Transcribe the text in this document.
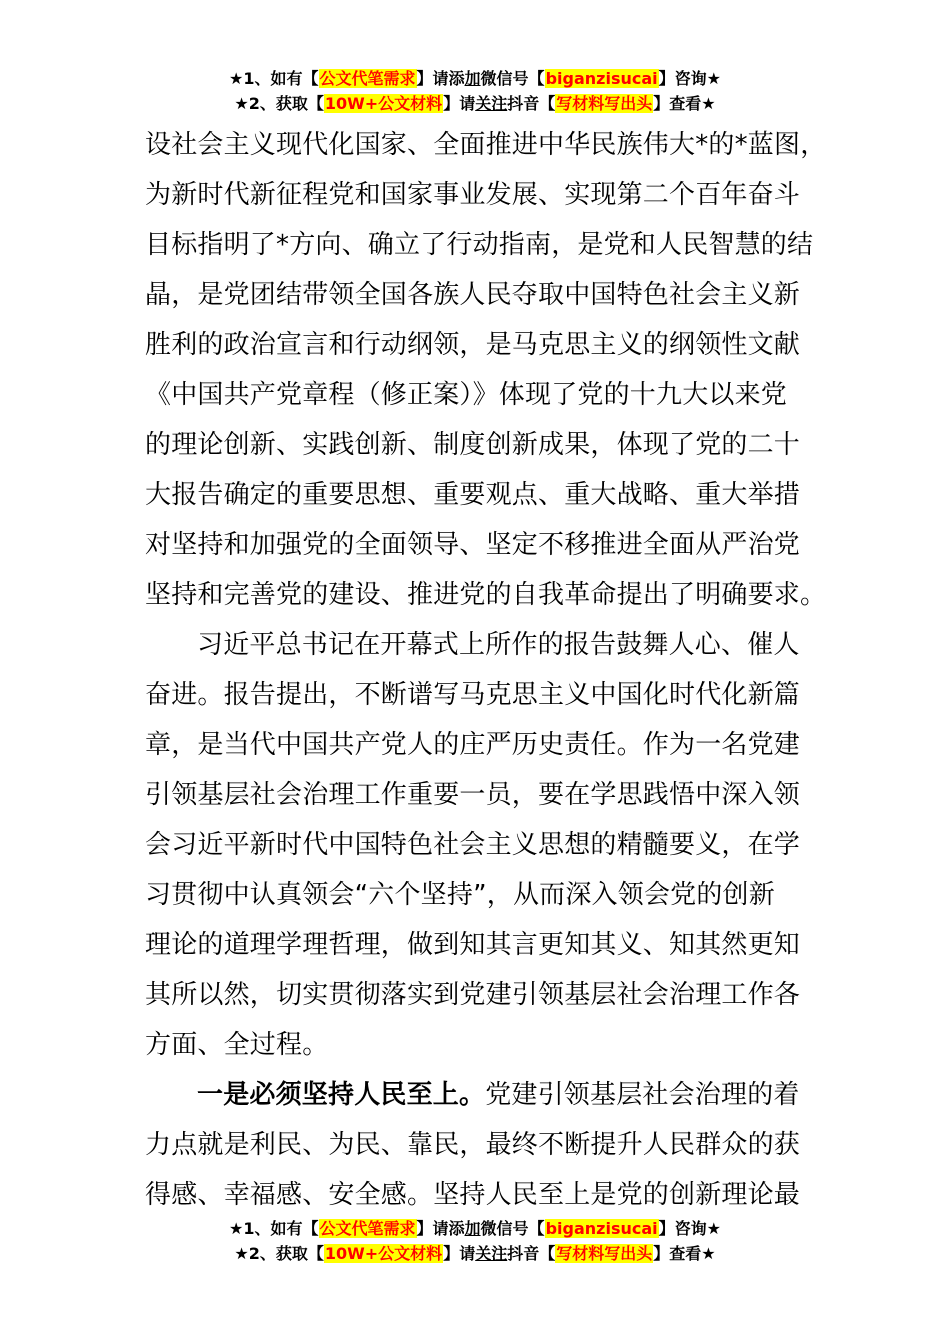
★1、如有【公文代笔需求】请添加微信号【biganzisucai】咨询★
★2、获取【10W+公文材料】请关注抖音【写材料写出头】查看★
设社会主义现代化国家、全面推进中华民族伟大*的*蓝图，
为新时代新征程党和国家事业发展、实现第二个百年奋斗
目标指明了*方向、确立了行动指南，是党和人民智慧的结
晶，是党团结带领全国各族人民夺取中国特色社会主义新
胜利的政治宣言和行动纲领，是马克思主义的纲领性文献
《中国共产党章程（修正案）》体现了党的十九大以来党
的理论创新、实践创新、制度创新成果，体现了党的二十
大报告确定的重要思想、重要观点、重大战略、重大举措
对坚持和加强党的全面领导、坚定不移推进全面从严治党
坚持和完善党的建设、推进党的自我革命提出了明确要求。
习近平总书记在开幕式上所作的报告鼓舞人心、催人
奋进。报告提出，不断谱写马克思主义中国化时代化新篇
章，是当代中国共产党人的庄严历史责任。作为一名党建
引领基层社会治理工作重要一员，要在学思践悟中深入领
会习近平新时代中国特色社会主义思想的精髓要义，在学
习贯彻中认真领会“六个坚持”，从而深入领会党的创新
理论的道理学理哲理，做到知其言更知其义、知其然更知
其所以然，切实贯彻落实到党建引领基层社会治理工作各
方面、全过程。
一是必须坚持人民至上。党建引领基层社会治理的着
力点就是利民、为民、靠民，最终不断提升人民群众的获
得感、幸福感、安全感。坚持人民至上是党的创新理论最
★1、如有【公文代笔需求】请添加微信号【biganzisucai】咨询★
★2、获取【10W+公文材料】请关注抖音【写材料写出头】查看★
